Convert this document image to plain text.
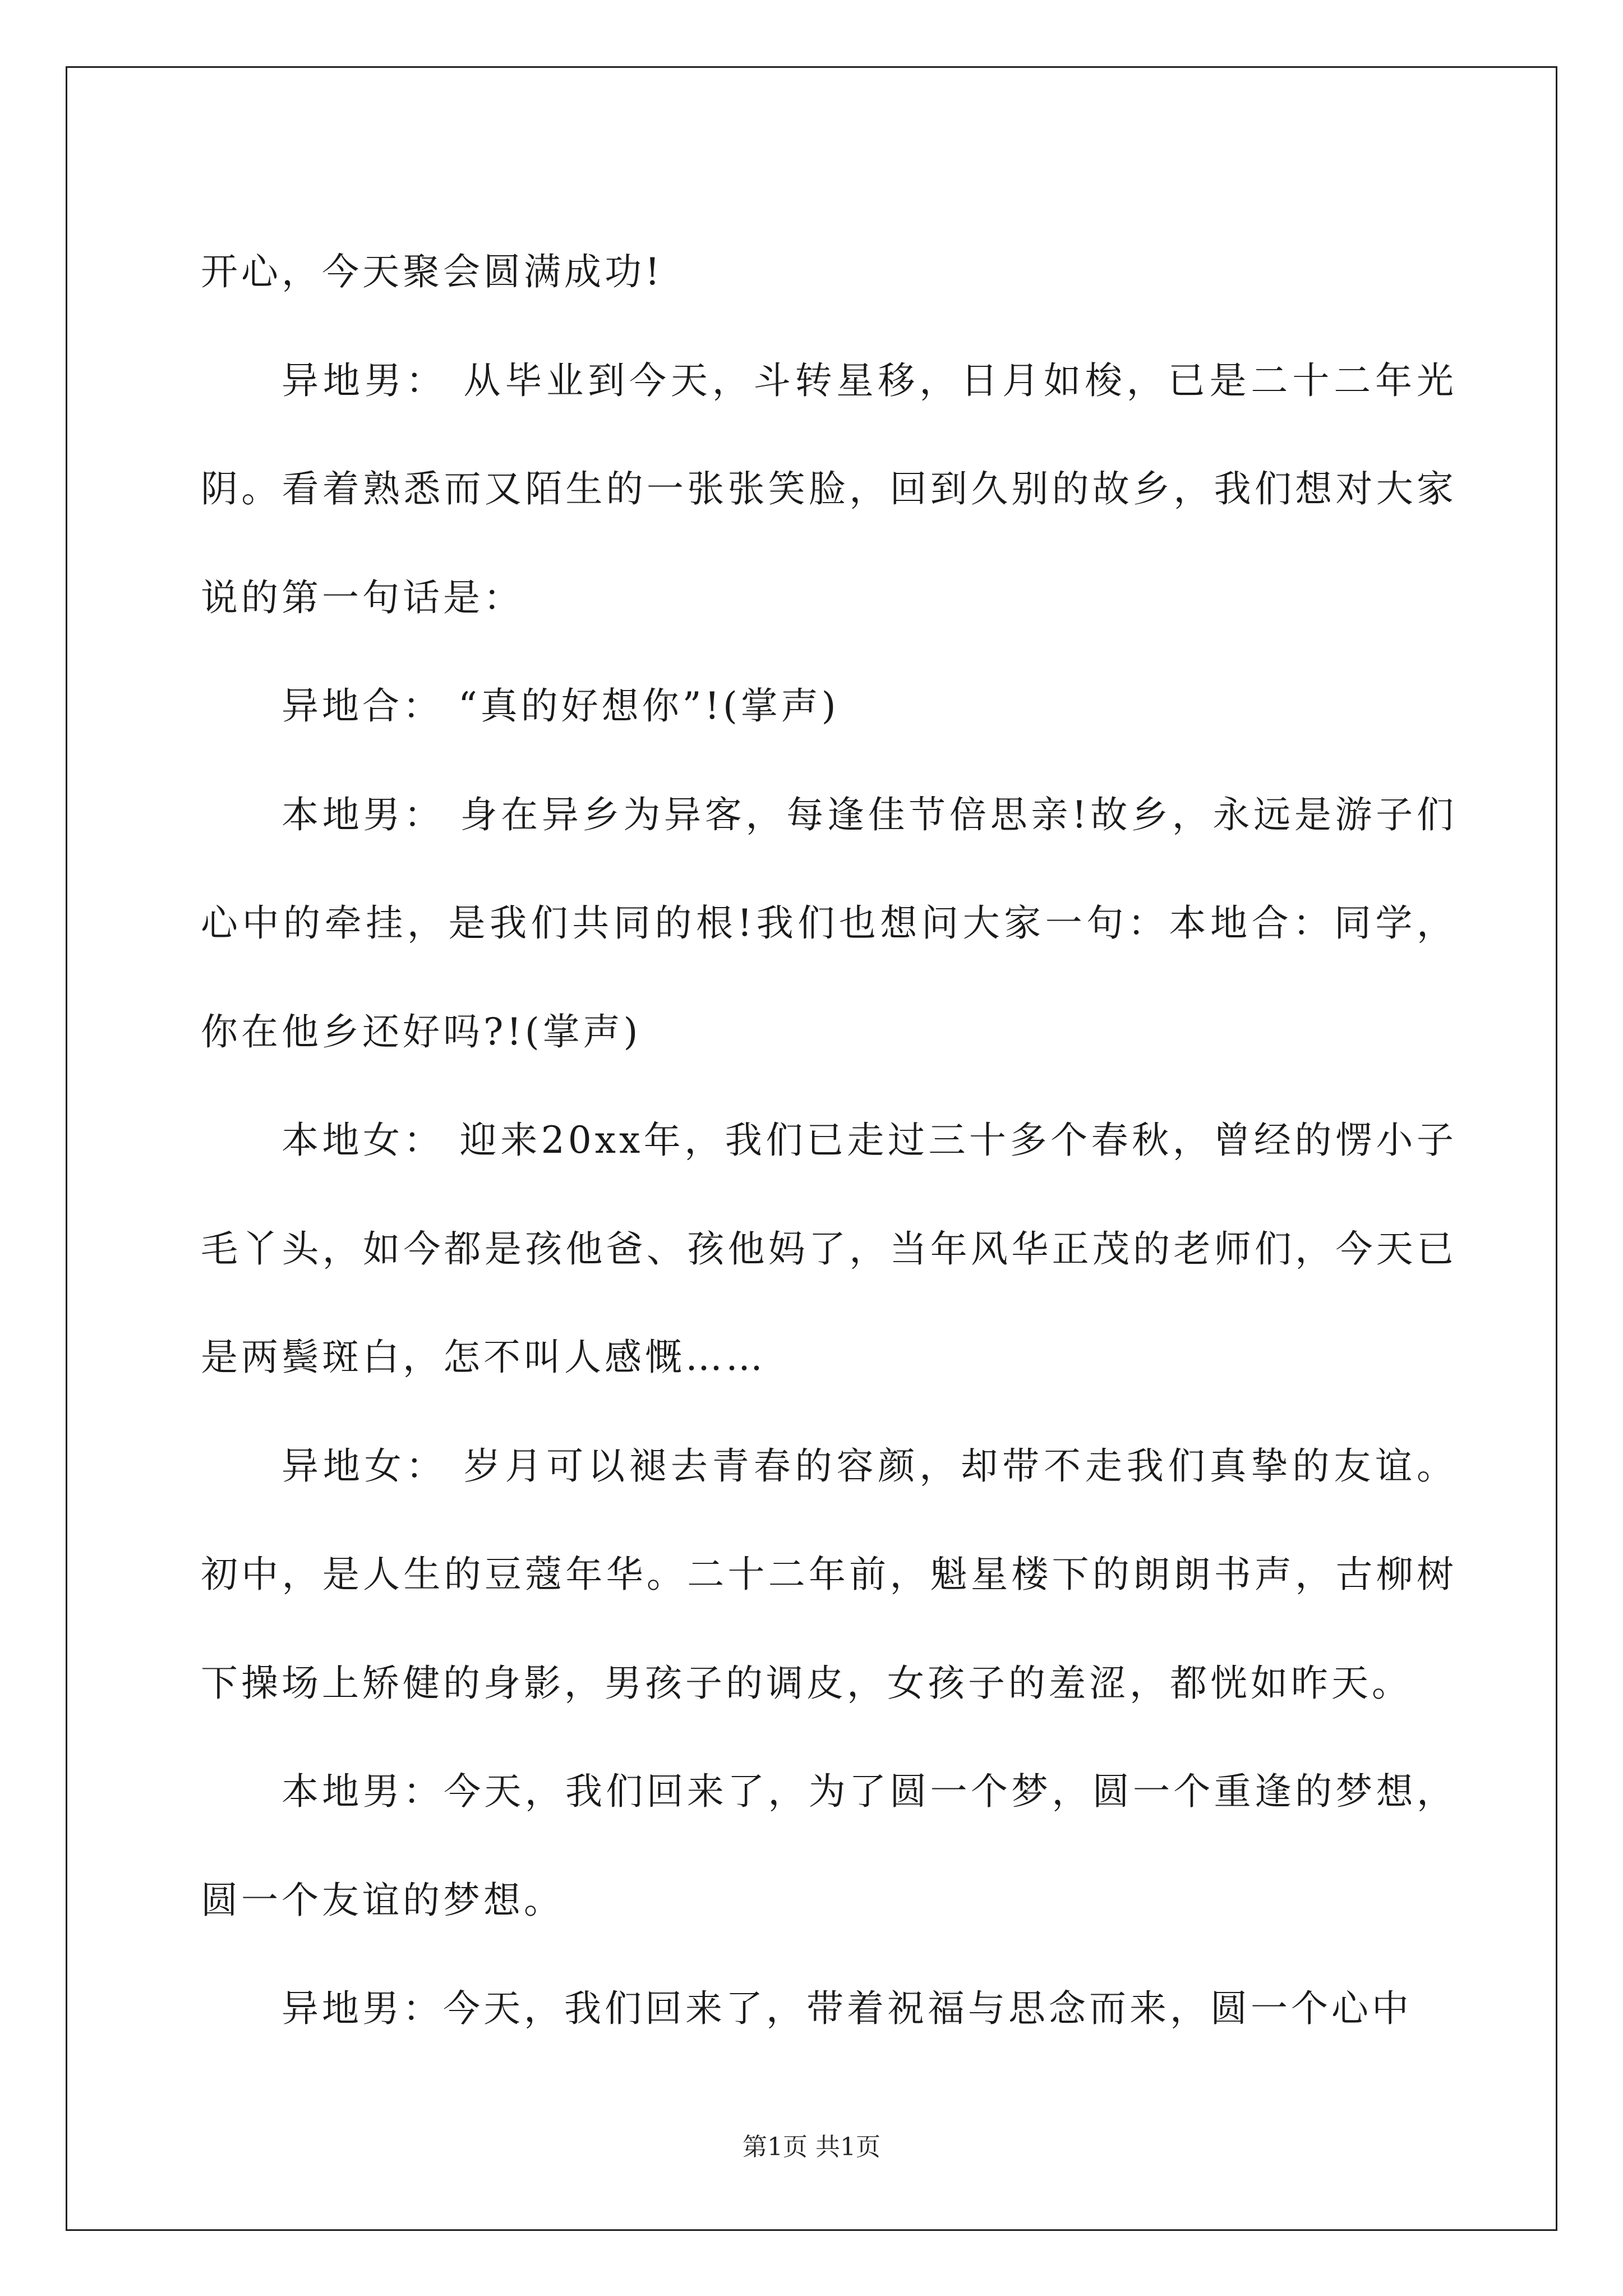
开心，今天聚会圆满成功!

异地男： 从毕业到今天，斗转星移，日月如梭，已是二十二年光阴。看着熟悉而又陌生的一张张笑脸，回到久别的故乡，我们想对大家说的第一句话是：

异地合： “真的好想你”!(掌声)

本地男： 身在异乡为异客，每逢佳节倍思亲!故乡，永远是游子们心中的牵挂，是我们共同的根!我们也想问大家一句：本地合：同学，你在他乡还好吗?!(掌声)

本地女： 迎来20xx年，我们已走过三十多个春秋，曾经的愣小子毛丫头，如今都是孩他爸、孩他妈了，当年风华正茂的老师们，今天已是两鬓斑白，怎不叫人感慨……

异地女： 岁月可以褪去青春的容颜，却带不走我们真挚的友谊。初中，是人生的豆蔻年华。二十二年前，魁星楼下的朗朗书声，古柳树下操场上矫健的身影，男孩子的调皮，女孩子的羞涩，都恍如昨天。

本地男：今天，我们回来了，为了圆一个梦，圆一个重逢的梦想，圆一个友谊的梦想。

异地男：今天，我们回来了，带着祝福与思念而来，圆一个心中

第1页 共1页
